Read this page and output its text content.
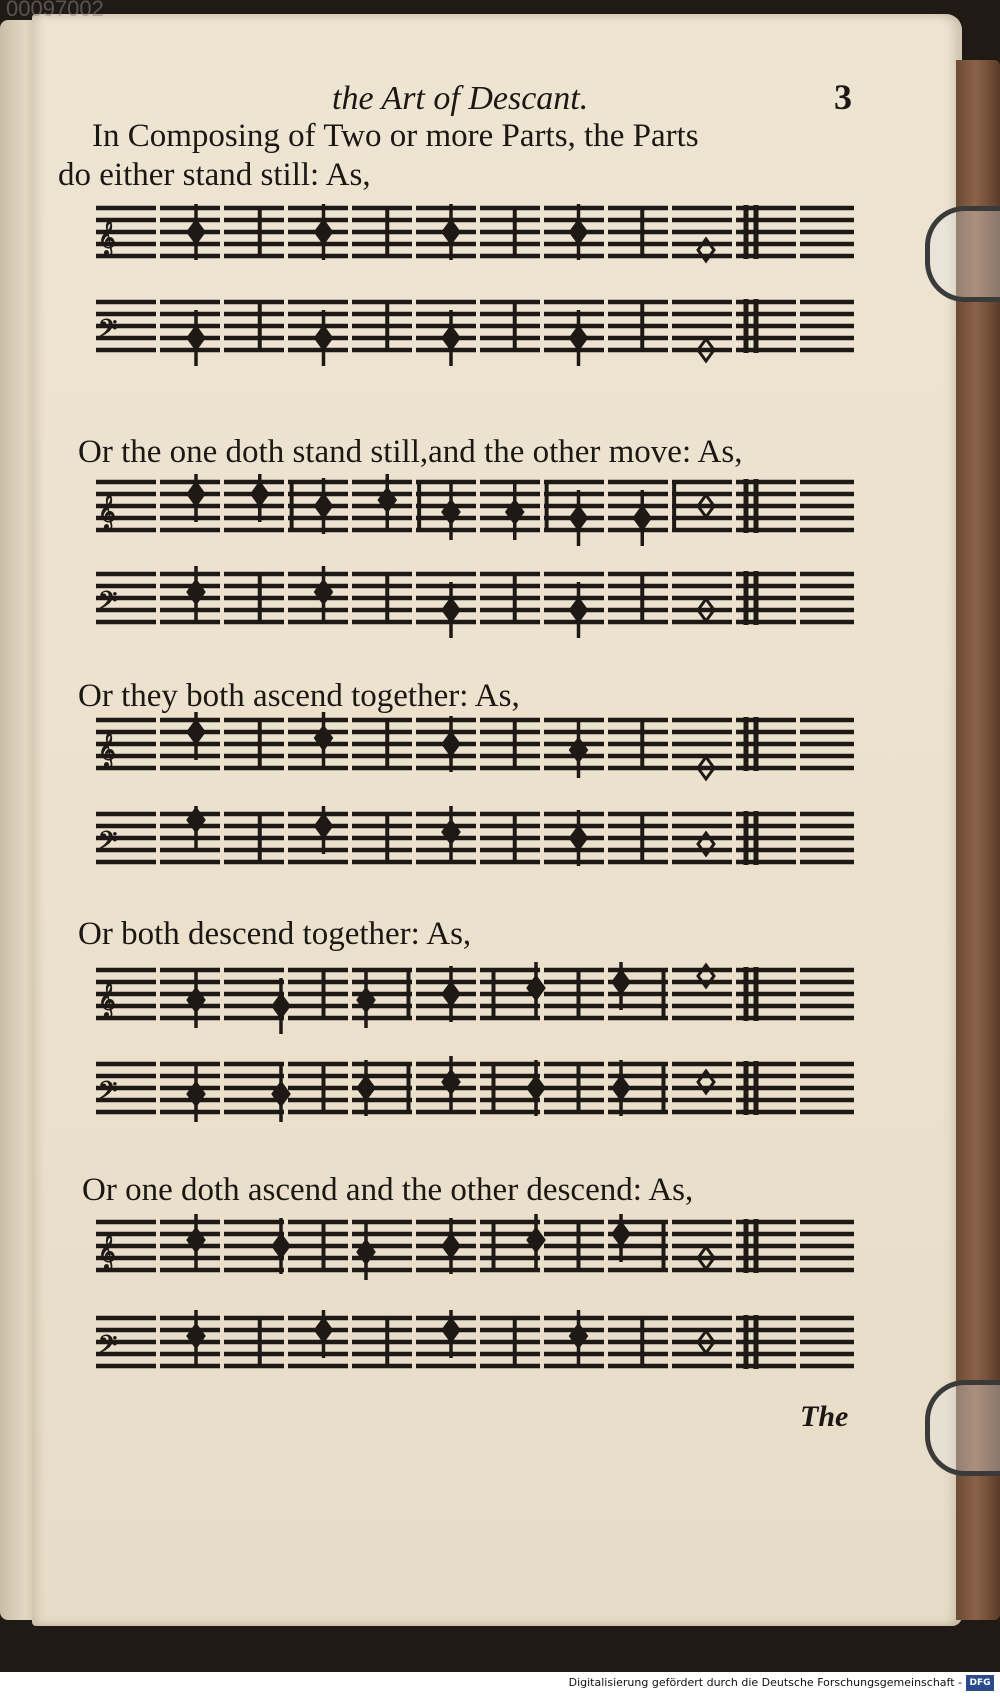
00097002
the Art of Descant.	3
In Composing of Two or more Parts, the Parts
do either stand still: As,
𝄞
𝄢
Or the one doth stand still,and the other move: As,
𝄞
𝄢
Or they both ascend together: As,
𝄞
𝄢
Or both descend together: As,
𝄞
𝄢
Or one doth ascend and the other descend: As,
𝄞
𝄢
The
Digitalisierung gefördert durch die Deutsche Forschungsgemeinschaft - DFG
